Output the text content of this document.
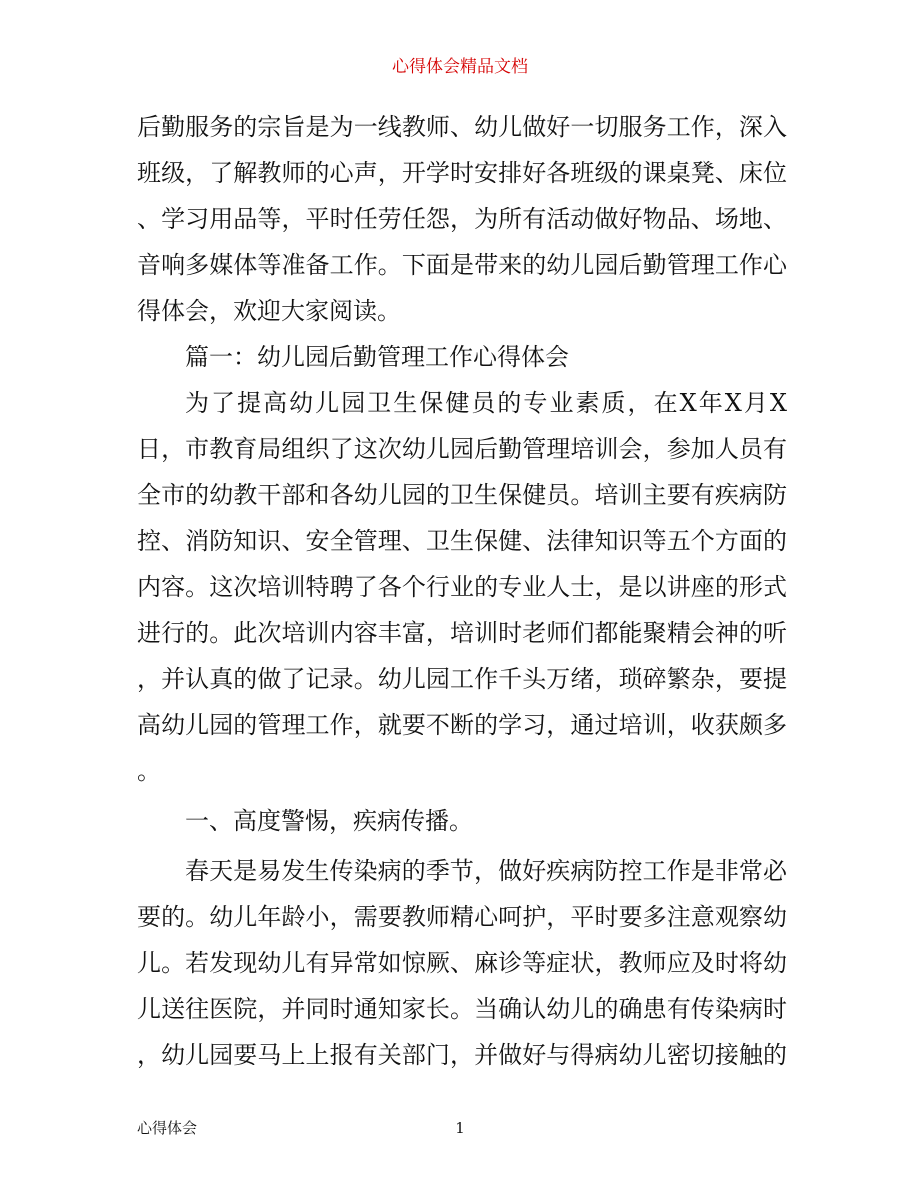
心得体会精品文档
后勤服务的宗旨是为一线教师、幼儿做好一切服务工作，深入
班级，了解教师的心声，开学时安排好各班级的课桌凳、床位
、学习用品等，平时任劳任怨，为所有活动做好物品、场地、
音响多媒体等准备工作。下面是带来的幼儿园后勤管理工作心
得体会，欢迎大家阅读。
篇一：幼儿园后勤管理工作心得体会
为了提高幼儿园卫生保健员的专业素质，在X年X月X
日，市教育局组织了这次幼儿园后勤管理培训会，参加人员有
全市的幼教干部和各幼儿园的卫生保健员。培训主要有疾病防
控、消防知识、安全管理、卫生保健、法律知识等五个方面的
内容。这次培训特聘了各个行业的专业人士，是以讲座的形式
进行的。此次培训内容丰富，培训时老师们都能聚精会神的听
，并认真的做了记录。幼儿园工作千头万绪，琐碎繁杂，要提
高幼儿园的管理工作，就要不断的学习，通过培训，收获颇多
。
一、高度警惕，疾病传播。
春天是易发生传染病的季节，做好疾病防控工作是非常必
要的。幼儿年龄小，需要教师精心呵护，平时要多注意观察幼
儿。若发现幼儿有异常如惊厥、麻诊等症状，教师应及时将幼
儿送往医院，并同时通知家长。当确认幼儿的确患有传染病时
，幼儿园要马上上报有关部门，并做好与得病幼儿密切接触的
心得体会	1
